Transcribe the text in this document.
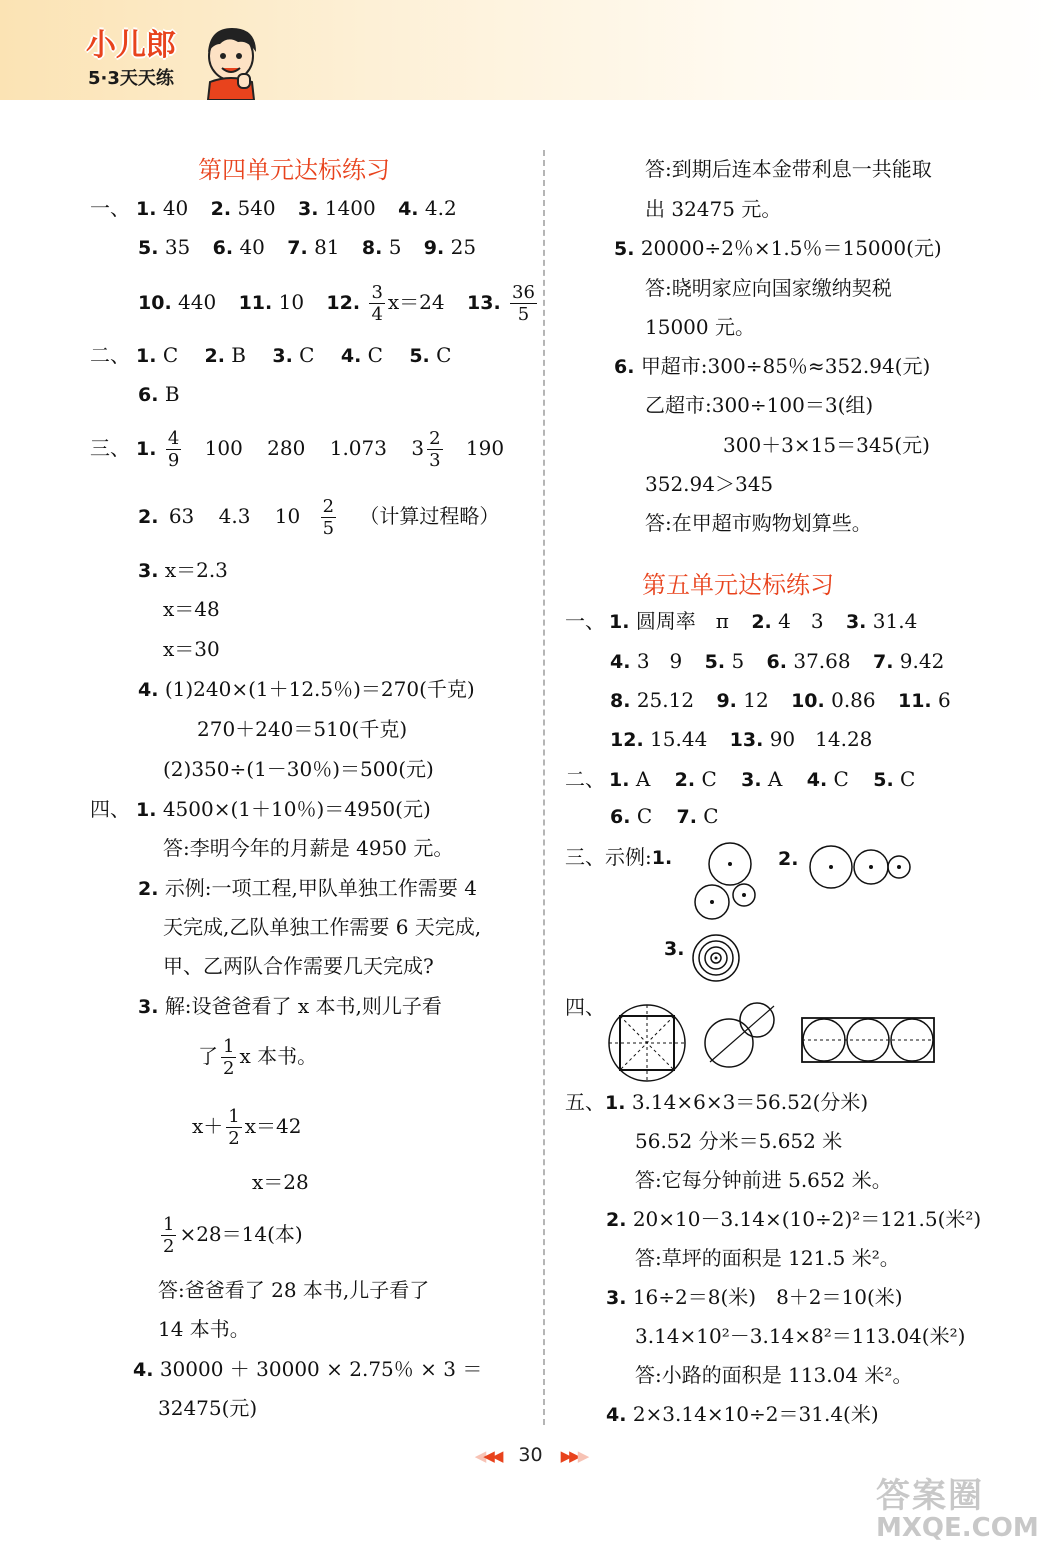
小儿郎
5·3天天练
第四单元达标练习
一、 1. 40 2. 540 3. 1400 4. 4.2
5. 35 6. 40 7. 81 8. 5 9. 25
10. 440 11. 10 12. $\frac{3}{4} x=24$ 13. $\frac{36}{5}$
二、 1. C 2. B 3. C 4. C 5. C
6. B
三、 1. $\frac{4}{9} 100$ 280 1.073 $3 \frac{2}{3} 190$
2. 63 4.3 $10 \frac{2}{5}$ （计算过程略）
3. x＝2.3
x＝48
x＝30
4. (1)240×(1＋12.5％)＝270(千克)
270＋240＝510(千克)
(2)350÷(1－30％)＝500(元)
四、 1. 4500×(1＋10％)＝4950(元)
答:李明今年的月薪是 4950 元。
2. 示例:一项工程,甲队单独工作需要 4
天完成,乙队单独工作需要 6 天完成,
甲、乙两队合作需要几天完成?
3. 解:设爸爸看了 x 本书,则儿子看
了 $\frac{1}{2}$ x 本书。
$x+ \frac{1}{2} x=42$
x＝28
$\frac{1}{2} \times 28=14$(本)
答:爸爸看了 28 本书,儿子看了
14 本书。
4. 30000 ＋ 30000 × 2.75％ × 3 ＝
32475(元)
答:到期后连本金带利息一共能取
出 32475 元。
5. 20000÷2％×1.5％＝15000(元)
答:晓明家应向国家缴纳契税
15000 元。
6. 甲超市:300÷85％≈352.94(元)
乙超市:300÷100＝3(组)
300＋3×15＝345(元)
352.94＞345
答:在甲超市购物划算些。
第五单元达标练习
一、 1. 圆周率　π 2. 4　3 3. 31.4
4. 3　9 5. 5 6. 37.68 7. 9.42
8. 25.12 9. 12 10. 0.86 11. 6
12. 15.44 13. 90　14.28
二、 1. A 2. C 3. A 4. C 5. C
6. C 7. C
三、示例:1.	2.
3.
四、
五、1. 3.14×6×3＝56.52(分米)
56.52 分米＝5.652 米
答:它每分钟前进 5.652 米。
2. 20×10－3.14×(10÷2)²＝121.5(米²)
答:草坪的面积是 121.5 米²。
3. 16÷2＝8(米)　8＋2＝10(米)
3.14×10²－3.14×8²＝113.04(米²)
答:小路的面积是 113.04 米²。
4. 2×3.14×10÷2＝31.4(米)
◀◀◀ 30 ▶▶▶
答案圈
MXQE.COM
